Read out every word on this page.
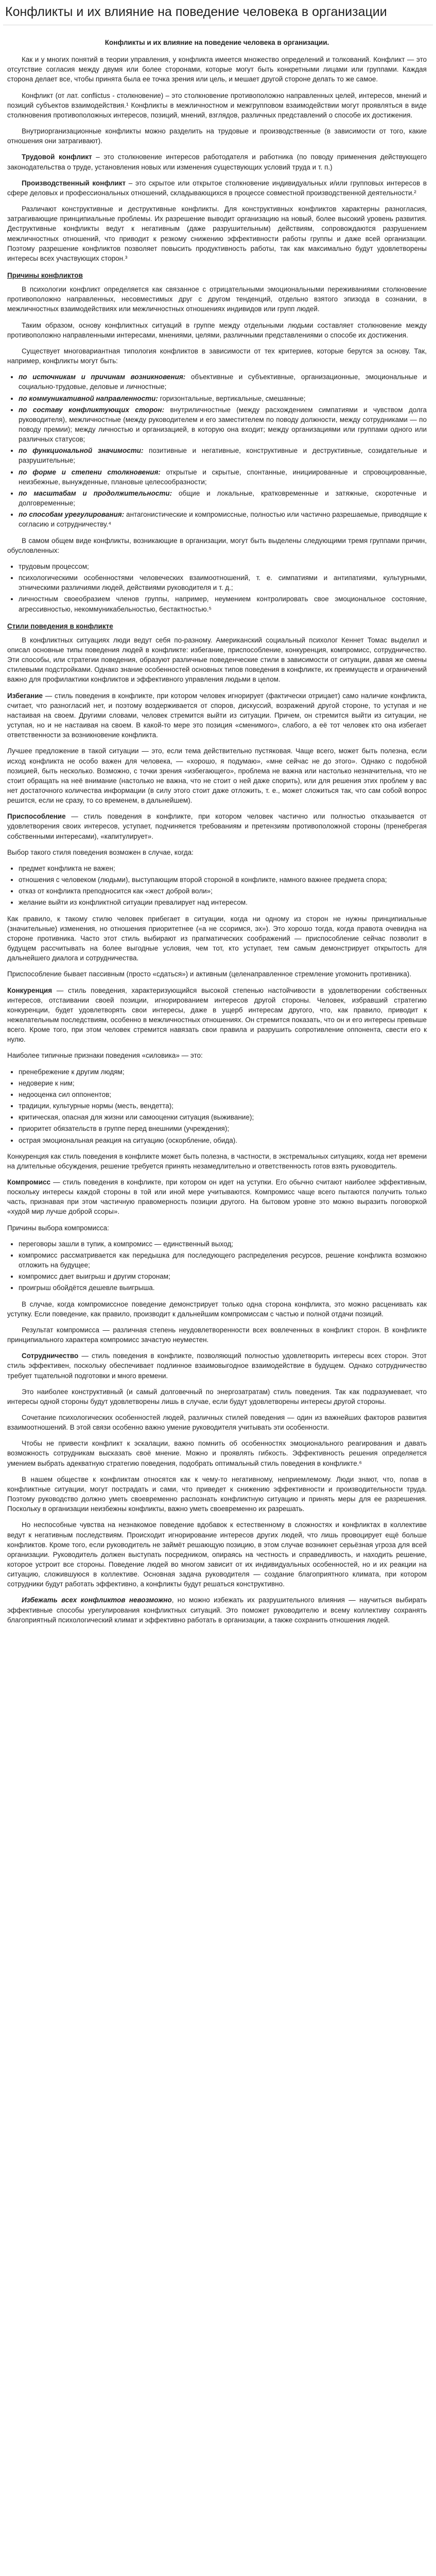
Конфликты и их влияние на поведение человека в организации

Конфликты и их влияние на поведение человека в организации.

Как и у многих понятий в теории управления, у конфликта имеется множество определений и толкований. Конфликт — это отсутствие согласия между двумя или более сторонами, которые могут быть конкретными лицами или группами. Каждая сторона делает все, чтобы принята была ее точка зрения или цель, и мешает другой стороне делать то же самое.

Конфликт (от лат. conflictus - столкновение) – это столкновение противоположно направленных целей, интересов, мнений и позиций субъектов взаимодействия.¹ Конфликты в межличностном и межгрупповом взаимодействии могут проявляться в виде столкновения противоположных интересов, позиций, мнений, взглядов, различных представлений о способе их достижения.

Внутриорганизационные конфликты можно разделить на трудовые и производственные (в зависимости от того, какие отношения они затрагивают).

Трудовой конфликт – это столкновение интересов работодателя и работника (по поводу применения действующего законодательства о труде, установления новых или изменения существующих условий труда и т. п.)

Производственный конфликт – это скрытое или открытое столкновение индивидуальных и/или групповых интересов в сфере деловых и профессиональных отношений, складывающихся в процессе совместной производственной деятельности.²

Различают конструктивные и деструктивные конфликты. Для конструктивных конфликтов характерны разногласия, затрагивающие принципиальные проблемы. Их разрешение выводит организацию на новый, более высокий уровень развития. Деструктивные конфликты ведут к негативным (даже разрушительным) действиям, сопровождаются разрушением межличностных отношений, что приводит к резкому снижению эффективности работы группы и даже всей организации. Поэтому разрешение конфликтов позволяет повысить продуктивность работы, так как максимально будут удовлетворены интересы всех участвующих сторон.³

Причины конфликтов

В психологии конфликт определяется как связанное с отрицательными эмоциональными переживаниями столкновение противоположно направленных, несовместимых друг с другом тенденций, отдельно взятого эпизода в сознании, в межличностных взаимодействиях или межличностных отношениях индивидов или групп людей.

Таким образом, основу конфликтных ситуаций в группе между отдельными людьми составляет столкновение между противоположно направленными интересами, мнениями, целями, различными представлениями о способе их достижения.

Существует многовариантная типология конфликтов в зависимости от тех критериев, которые берутся за основу. Так, например, конфликты могут быть:

• по источникам и причинам возникновения: объективные и субъективные, организационные, эмоциональные и социально-трудовые, деловые и личностные;
• по коммуникативной направленности: горизонтальные, вертикальные, смешанные;
• по составу конфликтующих сторон: внутриличностные (между расхождением симпатиями и чувством долга руководителя), межличностные (между руководителем и его заместителем по поводу должности, между сотрудниками — по поводу премии); между личностью и организацией, в которую она входит; между организациями или группами одного или различных статусов;
• по функциональной значимости: позитивные и негативные, конструктивные и деструктивные, созидательные и разрушительные;
• по форме и степени столкновения: открытые и скрытые, спонтанные, инициированные и спровоцированные, неизбежные, вынужденные, плановые целесообразности;
• по масштабам и продолжительности: общие и локальные, кратковременные и затяжные, скоротечные и долговременные;
• по способам урегулирования: антагонистические и компромиссные, полностью или частично разрешаемые, приводящие к согласию и сотрудничеству.⁴

В самом общем виде конфликты, возникающие в организации, могут быть выделены следующими тремя группами причин, обусловленных:

• трудовым процессом;
• психологическими особенностями человеческих взаимоотношений, т. е. симпатиями и антипатиями, культурными, этническими различиями людей, действиями руководителя и т. д.;
• личностным своеобразием членов группы, например, неумением контролировать свое эмоциональное состояние, агрессивностью, некоммуникабельностью, бестактностью.⁵
Стили поведения в конфликте

В конфликтных ситуациях люди ведут себя по-разному. Американский социальный психолог Кеннет Томас выделил и описал основные типы поведения людей в конфликте: избегание, приспособление, конкуренция, компромисс, сотрудничество. Эти способы, или стратегии поведения, образуют различные поведенческие стили в зависимости от ситуации, давая же смены стилевыми подстройками. Однако знание особенностей основных типов поведения в конфликте, их преимуществ и ограничений важно для профилактики конфликтов и эффективного управления людьми в целом.

Избегание — стиль поведения в конфликте, при котором человек игнорирует (фактически отрицает) само наличие конфликта, считает, что разногласий нет, и поэтому воздерживается от споров, дискуссий, возражений другой стороне, то уступая и не настаивая на своем. Другими словами, человек стремится выйти из ситуации. Причем, он стремится выйти из ситуации, не уступая, но и не настаивая на своем. В какой-то мере это позиция «сменимого», слабого, а её тот человек кто она избегает ответственности за возникновение конфликта.

Лучшее предложение в такой ситуации — это, если тема действительно пустяковая. Чаще всего, может быть полезна, если исход конфликта не особо важен для человека, — «хорошо, я подумаю», «мне сейчас не до этого». Однако с подобной позицией, быть несколько. Возможно, с точки зрения «избегающего», проблема не важна или настолько незначительна, что не стоит обращать на неё внимание (настолько не важна, что не стоит о ней даже спорить), или для решения этих проблем у вас нет достаточного количества информации (в силу этого стоит даже отложить, т. е., может сложиться так, что сам собой вопрос решится, если не сразу, то со временем, в дальнейшем).

Приспособление — стиль поведения в конфликте, при котором человек частично или полностью отказывается от удовлетворения своих интересов, уступает, подчиняется требованиям и претензиям противоположной стороны (пренебрегая собственными интересами), «капитулирует».

Выбор такого стиля поведения возможен в случае, когда:

• предмет конфликта не важен;
• отношения с человеком (людьми), выступающим второй стороной в конфликте, намного важнее предмета спора;
• отказ от конфликта преподносится как «жест доброй воли»;
• желание выйти из конфликтной ситуации превалирует над интересом.

Как правило, к такому стилю человек прибегает в ситуации, когда ни одному из сторон не нужны принципиальные (значительные) изменения, но отношения приоритетнее («а не ссоримся, эх»). Это хорошо тогда, когда правота очевидна на стороне противника. Часто этот стиль выбирают из прагматических соображений — приспособление сейчас позволит в будущем рассчитывать на более выгодные условия, чем тот, кто уступает, тем самым демонстрирует открытость для дальнейшего диалога и сотрудничества.

Приспособление бывает пассивным (просто «сдаться») и активным (целенаправленное стремление угомонить противника).

Конкуренция — стиль поведения, характеризующийся высокой степенью настойчивости в удовлетворении собственных интересов, отстаивании своей позиции, игнорированием интересов другой стороны. Человек, избравший стратегию конкуренции, будет удовлетворять свои интересы, даже в ущерб интересам другого, что, как правило, приводит к нежелательным последствиям, особенно в межличностных отношениях. Он стремится показать, что он и его интересы превыше всего. Кроме того, при этом человек стремится навязать свои правила и разрушить сопротивление оппонента, свести его к нулю.

Наиболее типичные признаки поведения «силовика» — это:

• пренебрежение к другим людям;
• недоверие к ним;
• недооценка сил оппонентов;
• традиции, культурные нормы (месть, вендетта);
• критическая, опасная для жизни или самооценки ситуация (выживание);
• приоритет обязательств в группе перед внешними (учреждения);
• острая эмоциональная реакция на ситуацию (оскорбление, обида).

Конкуренция как стиль поведения в конфликте может быть полезна, в частности, в экстремальных ситуациях, когда нет времени на длительные обсуждения, решение требуется принять незамедлительно и ответственность готов взять руководитель.

Компромисс — стиль поведения в конфликте, при котором он идет на уступки. Его обычно считают наиболее эффективным, поскольку интересы каждой стороны в той или иной мере учитываются. Компромисс чаще всего пытаются получить только часть, признавая при этом частичную правомерность позиции другого. На бытовом уровне это можно выразить поговоркой «худой мир лучше доброй ссоры».

Причины выбора компромисса:

• переговоры зашли в тупик, а компромисс — единственный выход;
• компромисс рассматривается как передышка для последующего распределения ресурсов, решение конфликта возможно отложить на будущее;
• компромисс дает выигрыш и другим сторонам;
• проигрыш обойдётся дешевле выигрыша.

В случае, когда компромиссное поведение демонстрирует только одна сторона конфликта, это можно расценивать как уступку. Если поведение, как правило, производит к дальнейшим компромиссам с частью и полной отдачи позиций.

Результат компромисса — различная степень неудовлетворенности всех вовлеченных в конфликт сторон. В конфликте принципиального характера компромисс зачастую неуместен.

Сотрудничество — стиль поведения в конфликте, позволяющий полностью удовлетворить интересы всех сторон. Этот стиль эффективен, поскольку обеспечивает подлинное взаимовыгодное взаимодействие в будущем. Однако сотрудничество требует тщательной подготовки и много времени.

Это наиболее конструктивный (и самый долговечный по энергозатратам) стиль поведения. Так как подразумевает, что интересы одной стороны будут удовлетворены лишь в случае, если будут удовлетворены интересы другой стороны.

Сочетание психологических особенностей людей, различных стилей поведения — один из важнейших факторов развития взаимоотношений. В этой связи особенно важно умение руководителя учитывать эти особенности.

Чтобы не привести конфликт к эскалации, важно помнить об особенностях эмоционального реагирования и давать возможность сотрудникам высказать своё мнение. Можно и проявлять гибкость. Эффективность решения определяется умением выбрать адекватную стратегию поведения, подобрать оптимальный стиль поведения в конфликте.⁶

В нашем обществе к конфликтам относятся как к чему-то негативному, неприемлемому. Люди знают, что, попав в конфликтные ситуации, могут пострадать и сами, что приведет к снижению эффективности и производительности труда. Поэтому руководство должно уметь своевременно распознать конфликтную ситуацию и принять меры для ее разрешения. Поскольку в организации неизбежны конфликты, важно уметь своевременно их разрешать.

Но неспособные чувства на незнакомое поведение вдобавок к естественному в сложностях и конфликтах в коллективе ведут к негативным последствиям. Происходит игнорирование интересов других людей, что лишь провоцирует ещё больше конфликтов. Кроме того, если руководитель не займёт решающую позицию, в этом случае возникнет серьёзная угроза для всей организации. Руководитель должен выступать посредником, опираясь на честность и справедливость, и находить решение, которое устроит все стороны. Поведение людей во многом зависит от их индивидуальных особенностей, но и их реакции на ситуацию, сложившуюся в коллективе. Основная задача руководителя — создание благоприятного климата, при котором сотрудники будут работать эффективно, а конфликты будут решаться конструктивно.

Избежать всех конфликтов невозможно, но можно избежать их разрушительного влияния — научиться выбирать эффективные способы урегулирования конфликтных ситуаций. Это поможет руководителю и всему коллективу сохранять благоприятный психологический климат и эффективно работать в организации, а также сохранить отношения людей.
